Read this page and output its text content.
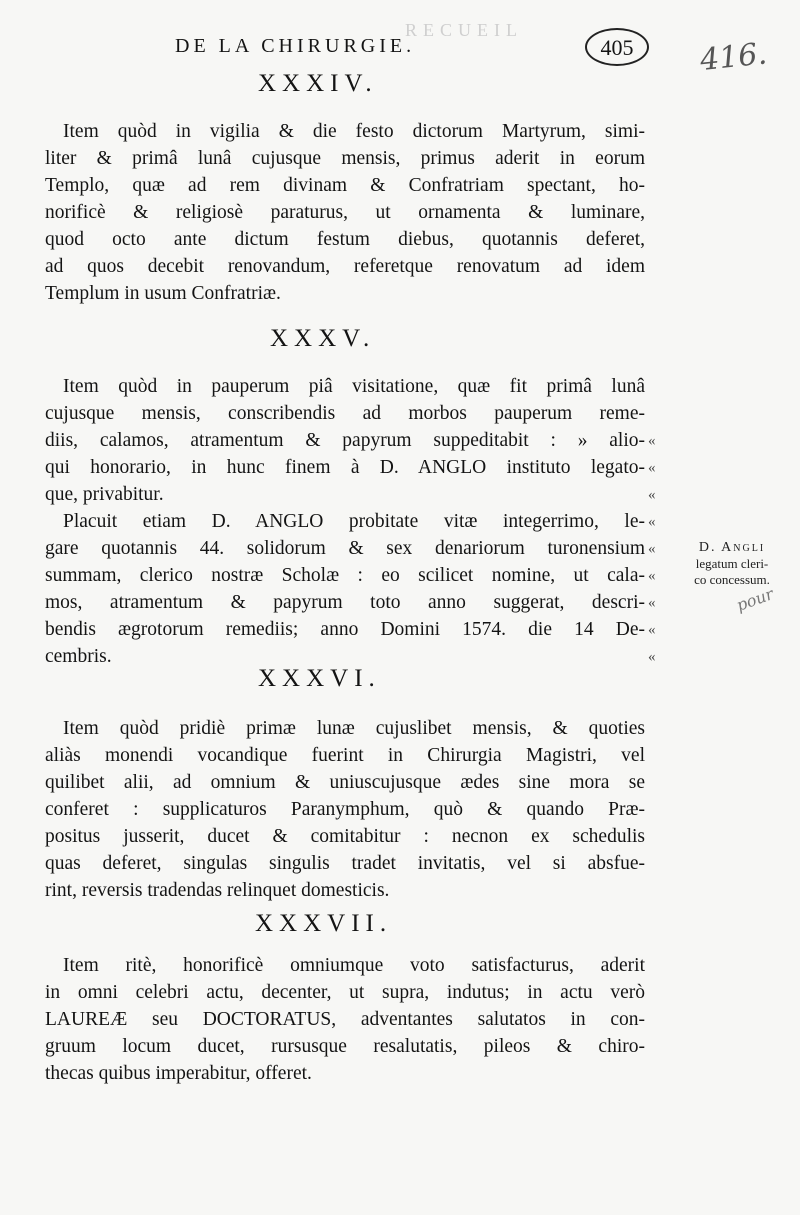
RECUEIL
DE LA CHIRURGIE.	405	416.
XXXIV.
Item quòd in vigilia & die festo dictorum Martyrum, simi-
liter & primâ lunâ cujusque mensis, primus aderit in eorum
Templo, quæ ad rem divinam & Confratriam spectant, ho-
norificè & religiosè paraturus, ut ornamenta & luminare,
quod octo ante dictum festum diebus, quotannis deferet,
ad quos decebit renovandum, referetque renovatum ad idem
Templum in usum Confratriæ.
XXXV.
Item quòd in pauperum piâ visitatione, quæ fit primâ lunâ
cujusque mensis, conscribendis ad morbos pauperum reme-
diis, calamos, atramentum & papyrum suppeditabit : » alio-
qui honorario, in hunc finem à D. ANGLO instituto legato-
que, privabitur.
Placuit etiam D. ANGLO probitate vitæ integerrimo, le-
gare quotannis 44. solidorum & sex denariorum turonensium
summam, clerico nostræ Scholæ : eo scilicet nomine, ut cala-
mos, atramentum & papyrum toto anno suggerat, descri-
bendis ægrotorum remediis; anno Domini 1574. die 14 De-
cembris.
«
«
«
«
«
«
«
«
«
D. Angli
legatum cleri-
co concessum.
pour
XXXVI.
Item quòd pridiè primæ lunæ cujuslibet mensis, & quoties
aliàs monendi vocandique fuerint in Chirurgia Magistri, vel
quilibet alii, ad omnium & uniuscujusque ædes sine mora se
conferet : supplicaturos Paranymphum, quò & quando Præ-
positus jusserit, ducet & comitabitur : necnon ex schedulis
quas deferet, singulas singulis tradet invitatis, vel si absfue-
rint, reversis tradendas relinquet domesticis.
XXXVII.
Item ritè, honorificè omniumque voto satisfacturus, aderit
in omni celebri actu, decenter, ut supra, indutus; in actu verò
LAUREÆ seu DOCTORATUS, adventantes salutatos in con-
gruum locum ducet, rursusque resalutatis, pileos & chiro-
thecas quibus imperabitur, offeret.
